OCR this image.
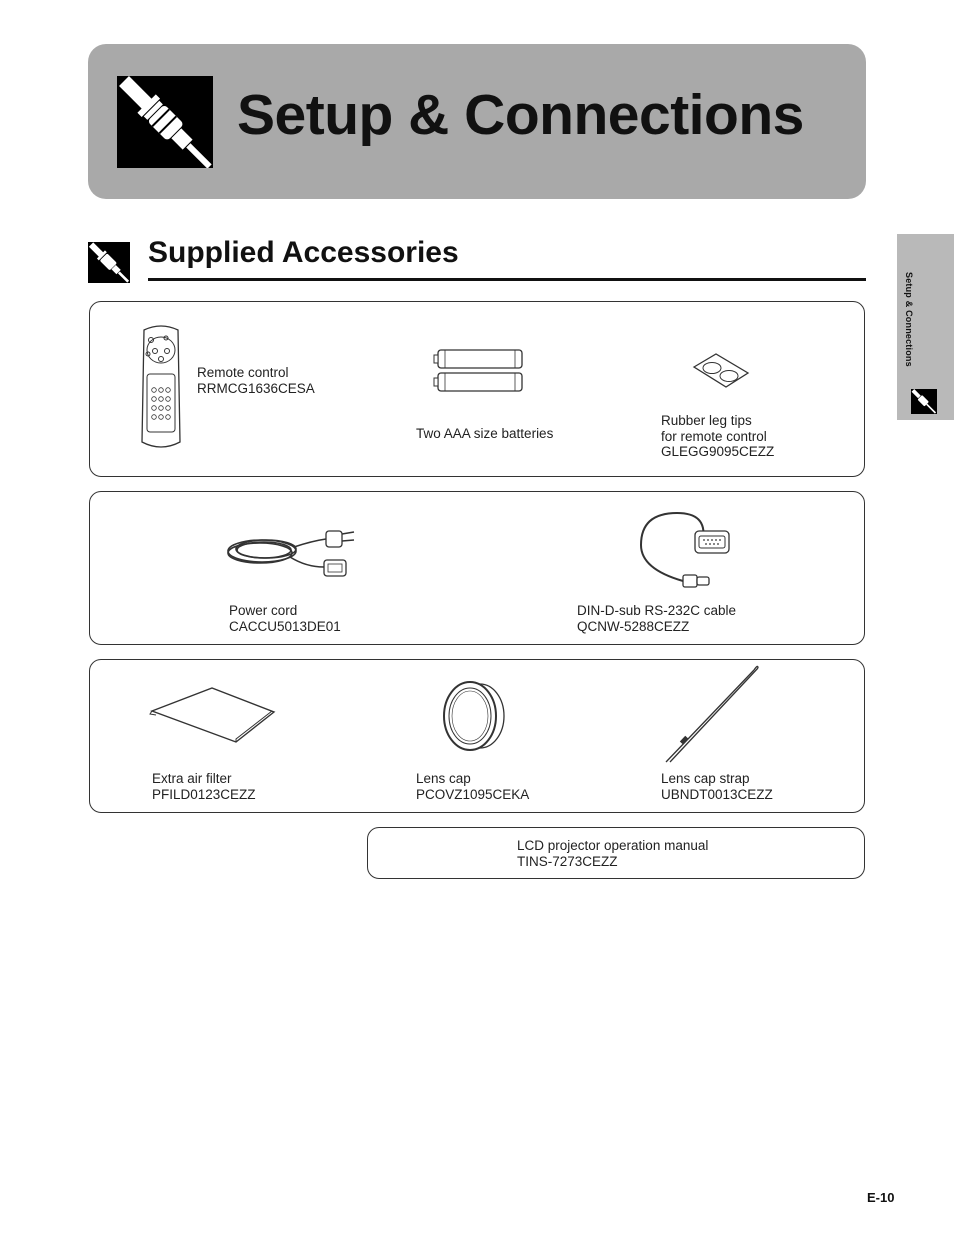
Setup & Connections
Supplied Accessories
Setup & Connections
Remote control
RRMCG1636CESA
Two AAA size batteries
Rubber leg tips
for remote control
GLEGG9095CEZZ
Power cord
CACCU5013DE01
DIN-D-sub RS-232C cable
QCNW-5288CEZZ
Extra air filter
PFILD0123CEZZ
Lens cap
PCOVZ1095CEKA
Lens cap strap
UBNDT0013CEZZ
LCD projector operation manual
TINS-7273CEZZ
E-10
